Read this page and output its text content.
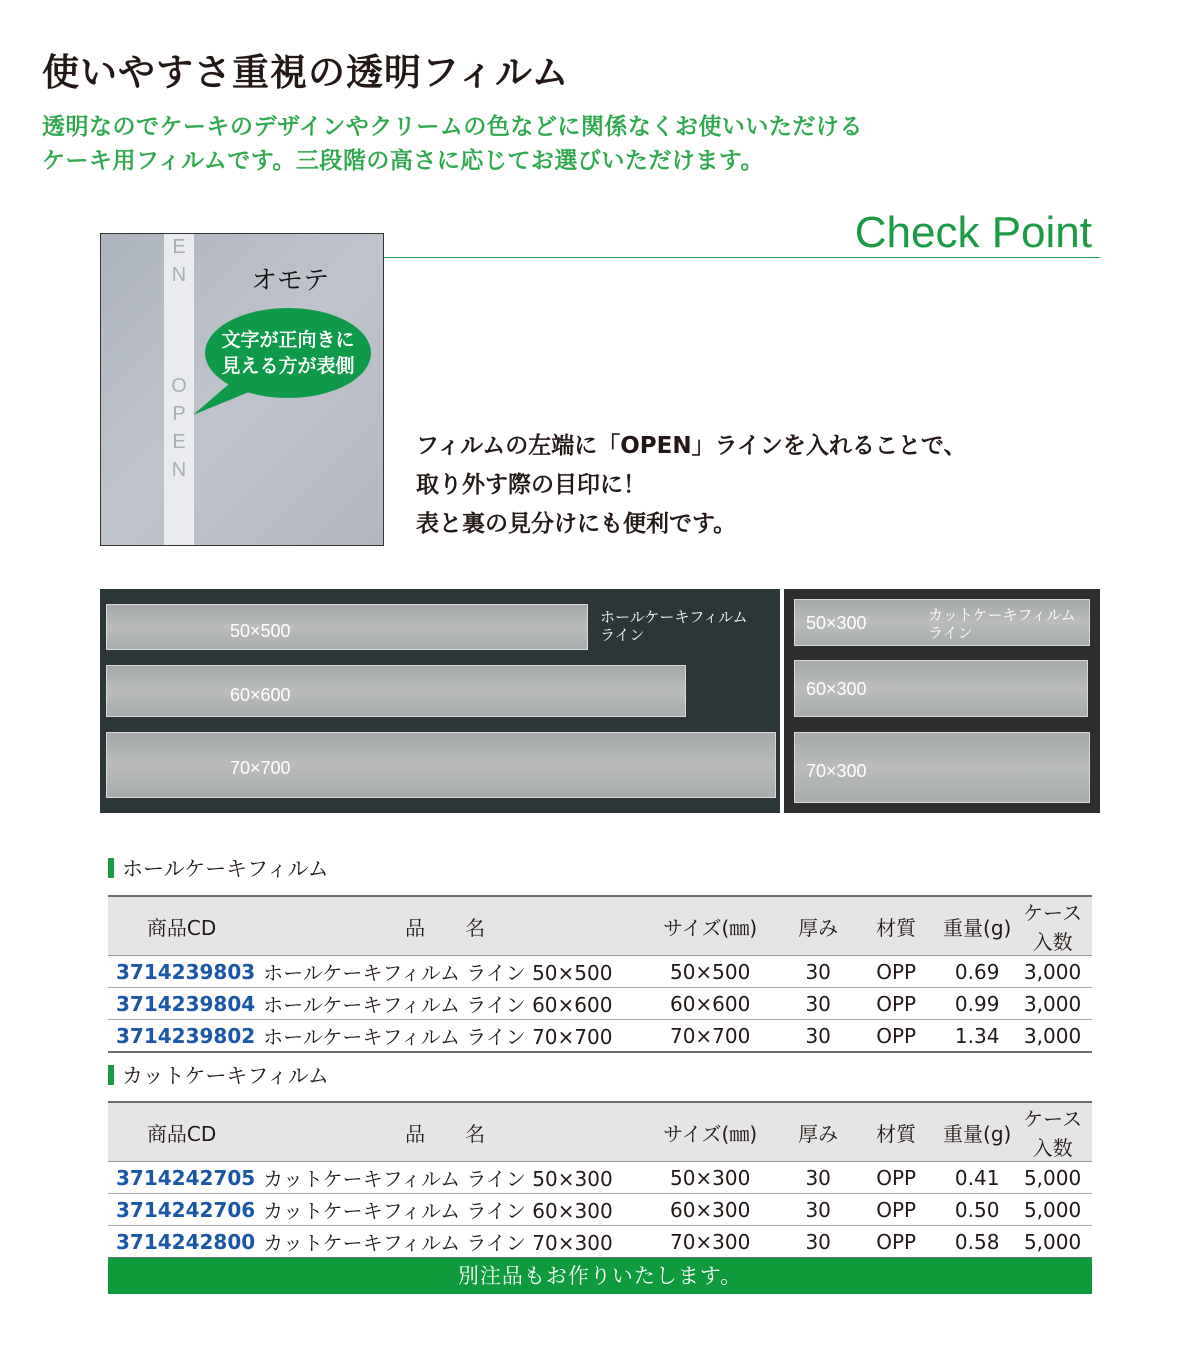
使いやすさ重視の透明フィルム
透明なのでケーキのデザインやクリームの色などに関係なくお使いいただける
ケーキ用フィルムです。三段階の高さに応じてお選びいただけます。
Check Point
E
N
O
P
E
N
オモテ
文字が正向きに
見える方が表側
フィルムの左端に「OPEN」ラインを入れることで、
取り外す際の目印に！
表と裏の見分けにも便利です。
50×500
60×600
70×700
ホールケーキフィルム
ライン
50×300
60×300
70×300
カットケーキフィルム
ライン
ホールケーキフィルム
商品CD	品　　名	サイズ(㎜)	厚み	材質	重量(g)	ケース入数
3714239803	ホールケーキフィルム ライン 50×500	50×500	30	OPP	0.69	3,000
3714239804	ホールケーキフィルム ライン 60×600	60×600	30	OPP	0.99	3,000
3714239802	ホールケーキフィルム ライン 70×700	70×700	30	OPP	1.34	3,000
カットケーキフィルム
商品CD	品　　名	サイズ(㎜)	厚み	材質	重量(g)	ケース入数
3714242705	カットケーキフィルム ライン 50×300	50×300	30	OPP	0.41	5,000
3714242706	カットケーキフィルム ライン 60×300	60×300	30	OPP	0.50	5,000
3714242800	カットケーキフィルム ライン 70×300	70×300	30	OPP	0.58	5,000
別注品もお作りいたします。
